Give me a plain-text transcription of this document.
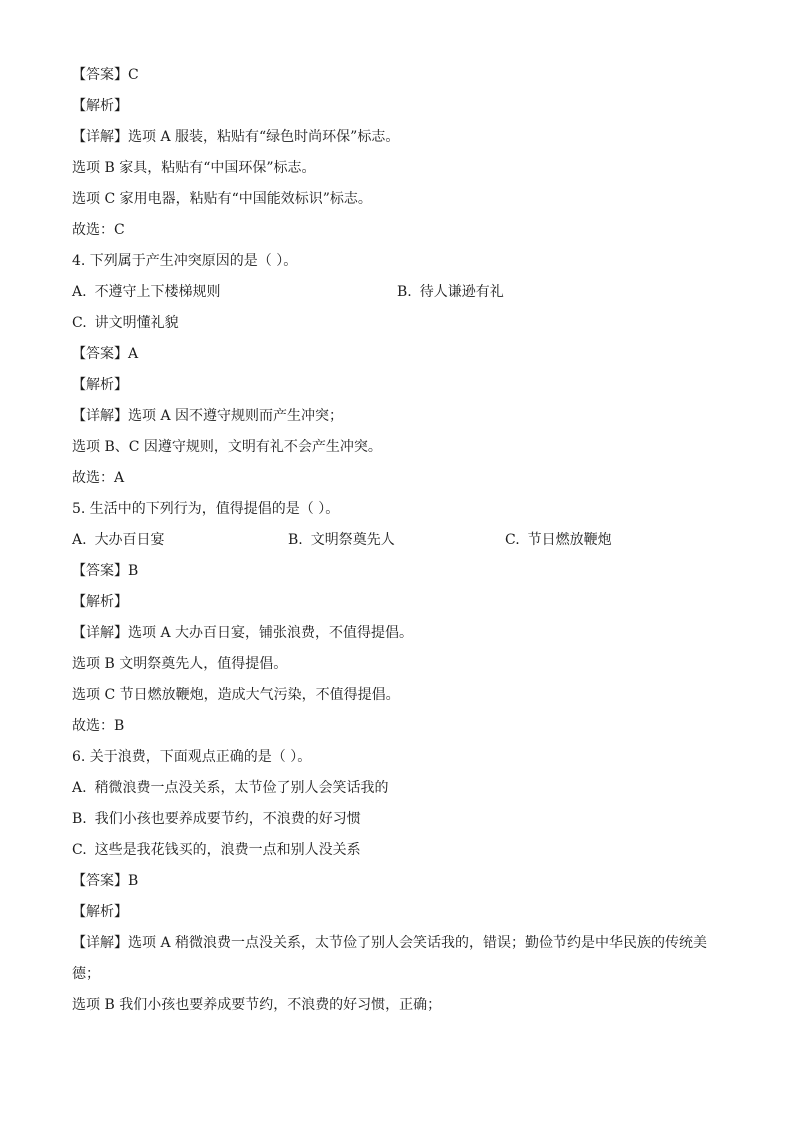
【答案】C
【解析】
【详解】选项 A 服装，粘贴有“绿色时尚环保”标志。
选项 B 家具，粘贴有“中国环保”标志。
选项 C 家用电器，粘贴有“中国能效标识”标志。
故选：C
4. 下列属于产生冲突原因的是（ ）。
A. 不遵守上下楼梯规则	B. 待人谦逊有礼
C. 讲文明懂礼貌
【答案】A
【解析】
【详解】选项 A 因不遵守规则而产生冲突；
选项 B、C 因遵守规则，文明有礼不会产生冲突。
故选：A
5. 生活中的下列行为，值得提倡的是（ ）。
A. 大办百日宴	B. 文明祭奠先人	C. 节日燃放鞭炮
【答案】B
【解析】
【详解】选项 A 大办百日宴，铺张浪费，不值得提倡。
选项 B 文明祭奠先人，值得提倡。
选项 C 节日燃放鞭炮，造成大气污染，不值得提倡。
故选：B
6. 关于浪费，下面观点正确的是（ ）。
A. 稍微浪费一点没关系，太节俭了别人会笑话我的
B. 我们小孩也要养成要节约，不浪费的好习惯
C. 这些是我花钱买的，浪费一点和别人没关系
【答案】B
【解析】
【详解】选项 A 稍微浪费一点没关系，太节俭了别人会笑话我的，错误；勤俭节约是中华民族的传统美德；
选项 B 我们小孩也要养成要节约，不浪费的好习惯，正确；
